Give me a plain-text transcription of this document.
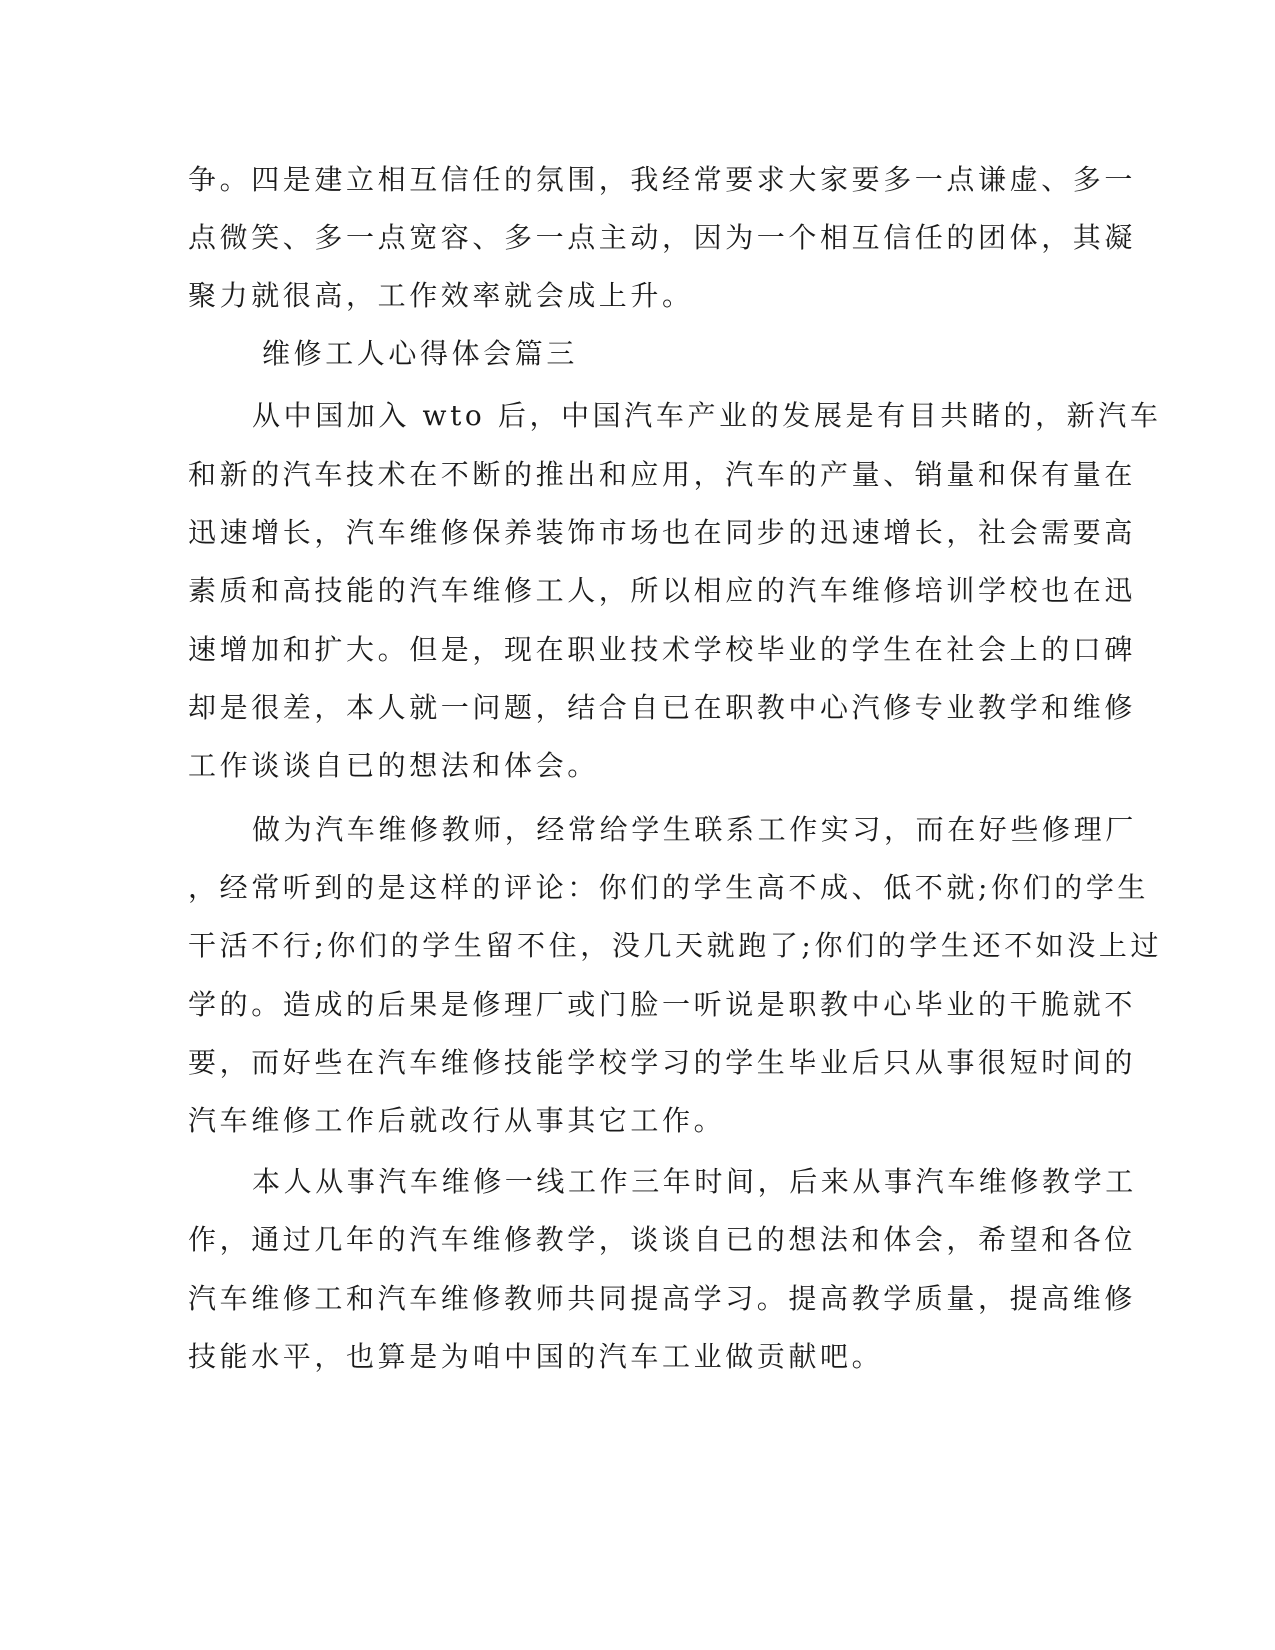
争。四是建立相互信任的氛围，我经常要求大家要多一点谦虚、多一
点微笑、多一点宽容、多一点主动，因为一个相互信任的团体，其凝
聚力就很高，工作效率就会成上升。
维修工人心得体会篇三
从中国加入 wto 后，中国汽车产业的发展是有目共睹的，新汽车
和新的汽车技术在不断的推出和应用，汽车的产量、销量和保有量在
迅速增长，汽车维修保养装饰市场也在同步的迅速增长，社会需要高
素质和高技能的汽车维修工人，所以相应的汽车维修培训学校也在迅
速增加和扩大。但是，现在职业技术学校毕业的学生在社会上的口碑
却是很差，本人就一问题，结合自已在职教中心汽修专业教学和维修
工作谈谈自已的想法和体会。
做为汽车维修教师，经常给学生联系工作实习，而在好些修理厂
，经常听到的是这样的评论：你们的学生高不成、低不就;你们的学生
干活不行;你们的学生留不住，没几天就跑了;你们的学生还不如没上过
学的。造成的后果是修理厂或门脸一听说是职教中心毕业的干脆就不
要，而好些在汽车维修技能学校学习的学生毕业后只从事很短时间的
汽车维修工作后就改行从事其它工作。
本人从事汽车维修一线工作三年时间，后来从事汽车维修教学工
作，通过几年的汽车维修教学，谈谈自已的想法和体会，希望和各位
汽车维修工和汽车维修教师共同提高学习。提高教学质量，提高维修
技能水平，也算是为咱中国的汽车工业做贡献吧。
